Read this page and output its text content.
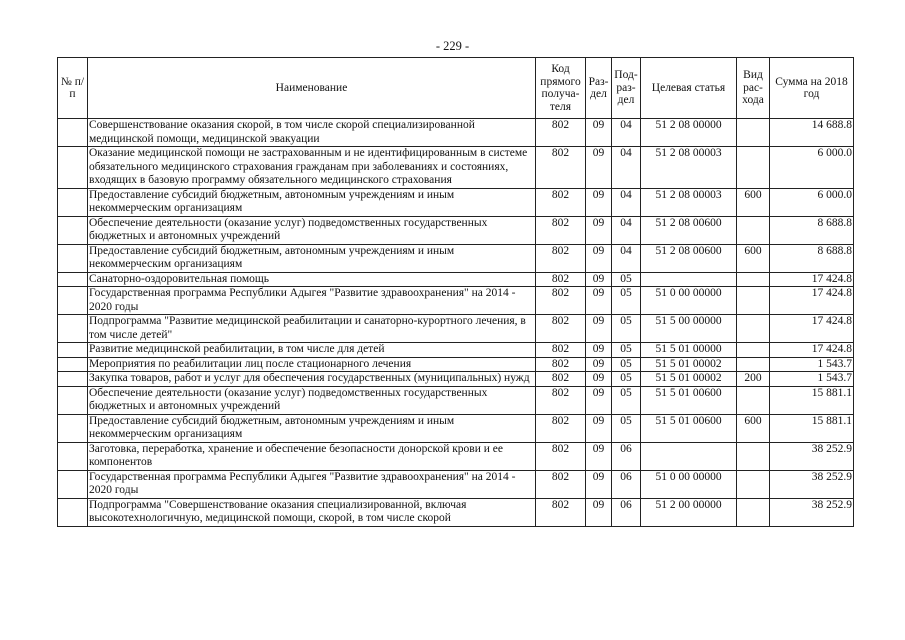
- 229 -
№ п/п	Наименование	Код прямого получа-теля	Раз-дел	Под-раз-дел	Целевая статья	Вид рас-хода	Сумма на 2018 год
	Совершенствование оказания скорой, в том числе скорой специализированной медицинской помощи, медицинской эвакуации	802	09	04	51 2 08 00000		14 688.8
	Оказание медицинской помощи не застрахованным и не идентифицированным в системе обязательного медицинского страхования гражданам при заболеваниях и состояниях, входящих в базовую программу обязательного медицинского страхования	802	09	04	51 2 08 00003		6 000.0
	Предоставление субсидий бюджетным, автономным учреждениям и иным некоммерческим организациям	802	09	04	51 2 08 00003	600	6 000.0
	Обеспечение деятельности (оказание услуг) подведомственных государственных бюджетных и автономных учреждений	802	09	04	51 2 08 00600		8 688.8
	Предоставление субсидий бюджетным, автономным учреждениям и иным некоммерческим организациям	802	09	04	51 2 08 00600	600	8 688.8
	Санаторно-оздоровительная помощь	802	09	05			17 424.8
	Государственная программа Республики Адыгея "Развитие здравоохранения" на 2014 - 2020 годы	802	09	05	51 0 00 00000		17 424.8
	Подпрограмма "Развитие медицинской реабилитации и санаторно-курортного лечения, в том числе детей"	802	09	05	51 5 00 00000		17 424.8
	Развитие медицинской реабилитации, в том числе для детей	802	09	05	51 5 01 00000		17 424.8
	Мероприятия по реабилитации лиц после стационарного лечения	802	09	05	51 5 01 00002		1 543.7
	Закупка товаров, работ и услуг для обеспечения государственных (муниципальных) нужд	802	09	05	51 5 01 00002	200	1 543.7
	Обеспечение деятельности (оказание услуг) подведомственных государственных бюджетных и автономных учреждений	802	09	05	51 5 01 00600		15 881.1
	Предоставление субсидий бюджетным, автономным учреждениям и иным некоммерческим организациям	802	09	05	51 5 01 00600	600	15 881.1
	Заготовка, переработка, хранение и обеспечение безопасности донорской крови и ее компонентов	802	09	06			38 252.9
	Государственная программа Республики Адыгея "Развитие здравоохранения" на 2014 - 2020 годы	802	09	06	51 0 00 00000		38 252.9
	Подпрограмма "Совершенствование оказания специализированной, включая высокотехнологичную, медицинской помощи, скорой, в том числе скорой	802	09	06	51 2 00 00000		38 252.9
